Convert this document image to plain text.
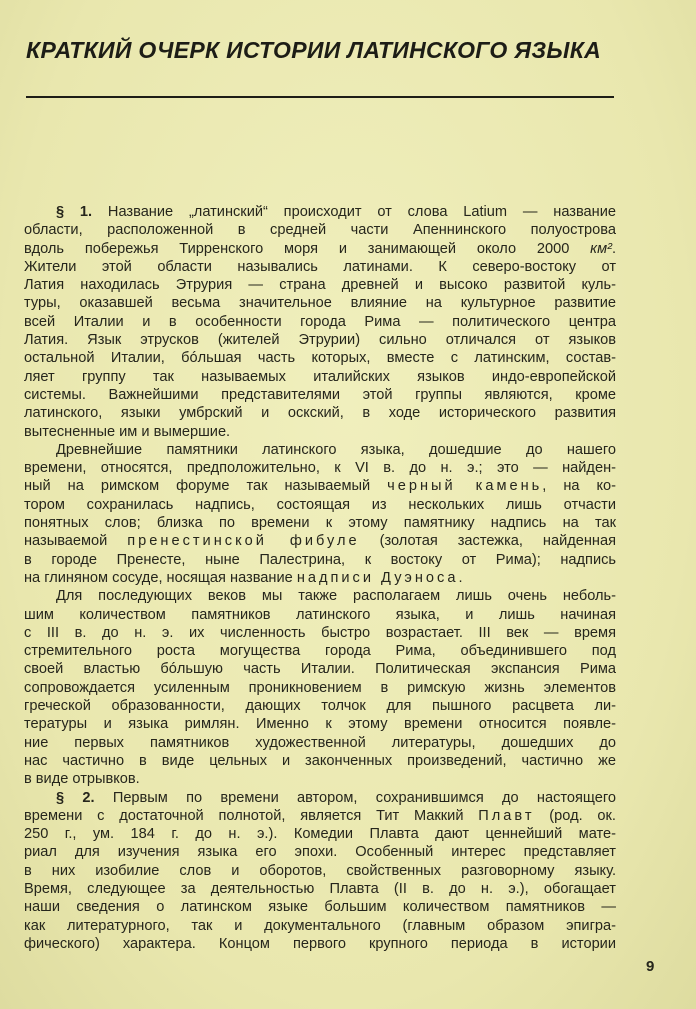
КРАТКИЙ ОЧЕРК ИСТОРИИ ЛАТИНСКОГО ЯЗЫКА
§ 1. Название „латинский“ происходит от слова Latium — название
области, расположенной в средней части Апеннинского полуострова
вдоль побережья Тирренского моря и занимающей около 2000 км².
Жители этой области назывались латинами. К северо-востоку от
Латия находилась Этрурия — страна древней и высоко развитой куль-
туры, оказавшей весьма значительное влияние на культурное развитие
всей Италии и в особенности города Рима — политического центра
Латия. Язык этрусков (жителей Этрурии) сильно отличался от языков
остальной Италии, бóльшая часть которых, вместе с латинским, состав-
ляет группу так называемых италийских языков индо-европейской
системы. Важнейшими представителями этой группы являются, кроме
латинского, языки умбрский и оскский, в ходе исторического развития
вытесненные им и вымершие.
Древнейшие памятники латинского языка, дошедшие до нашего
времени, относятся, предположительно, к VI в. до н. э.; это — найден-
ный на римском форуме так называемый черный камень, на ко-
тором сохранилась надпись, состоящая из нескольких лишь отчасти
понятных слов; близка по времени к этому памятнику надпись на так
называемой пренестинской фибуле (золотая застежка, найденная
в городе Пренесте, ныне Палестрина, к востоку от Рима); надпись
на глиняном сосуде, носящая название надписи Дуэноса.
Для последующих веков мы также располагаем лишь очень неболь-
шим количеством памятников латинского языка, и лишь начиная
с III в. до н. э. их численность быстро возрастает. III век — время
стремительного роста могущества города Рима, объединившего под
своей властью бóльшую часть Италии. Политическая экспансия Рима
сопровождается усиленным проникновением в римскую жизнь элементов
греческой образованности, дающих толчок для пышного расцвета ли-
тературы и языка римлян. Именно к этому времени относится появле-
ние первых памятников художественной литературы, дошедших до
нас частично в виде цельных и законченных произведений, частично же
в виде отрывков.
§ 2. Первым по времени автором, сохранившимся до настоящего
времени с достаточной полнотой, является Тит Маккий Плавт (род. ок.
250 г., ум. 184 г. до н. э.). Комедии Плавта дают ценнейший мате-
риал для изучения языка его эпохи. Особенный интерес представляет
в них изобилие слов и оборотов, свойственных разговорному языку.
Время, следующее за деятельностью Плавта (II в. до н. э.), обогащает
наши сведения о латинском языке большим количеством памятников —
как литературного, так и документального (главным образом эпигра-
фического) характера. Концом первого крупного периода в истории
9
